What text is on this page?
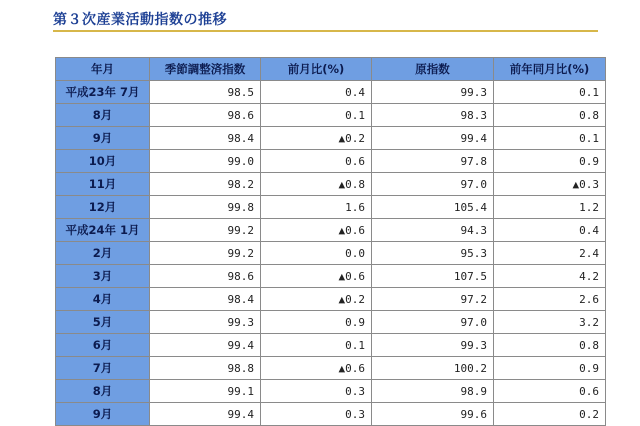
第３次産業活動指数の推移
年月	季節調整済指数	前月比(%)	原指数	前年同月比(%)
平成23年 7月	98.5	0.4	99.3	0.1
8月	98.6	0.1	98.3	0.8
9月	98.4	▲0.2	99.4	0.1
10月	99.0	0.6	97.8	0.9
11月	98.2	▲0.8	97.0	▲0.3
12月	99.8	1.6	105.4	1.2
平成24年 1月	99.2	▲0.6	94.3	0.4
2月	99.2	0.0	95.3	2.4
3月	98.6	▲0.6	107.5	4.2
4月	98.4	▲0.2	97.2	2.6
5月	99.3	0.9	97.0	3.2
6月	99.4	0.1	99.3	0.8
7月	98.8	▲0.6	100.2	0.9
8月	99.1	0.3	98.9	0.6
9月	99.4	0.3	99.6	0.2
